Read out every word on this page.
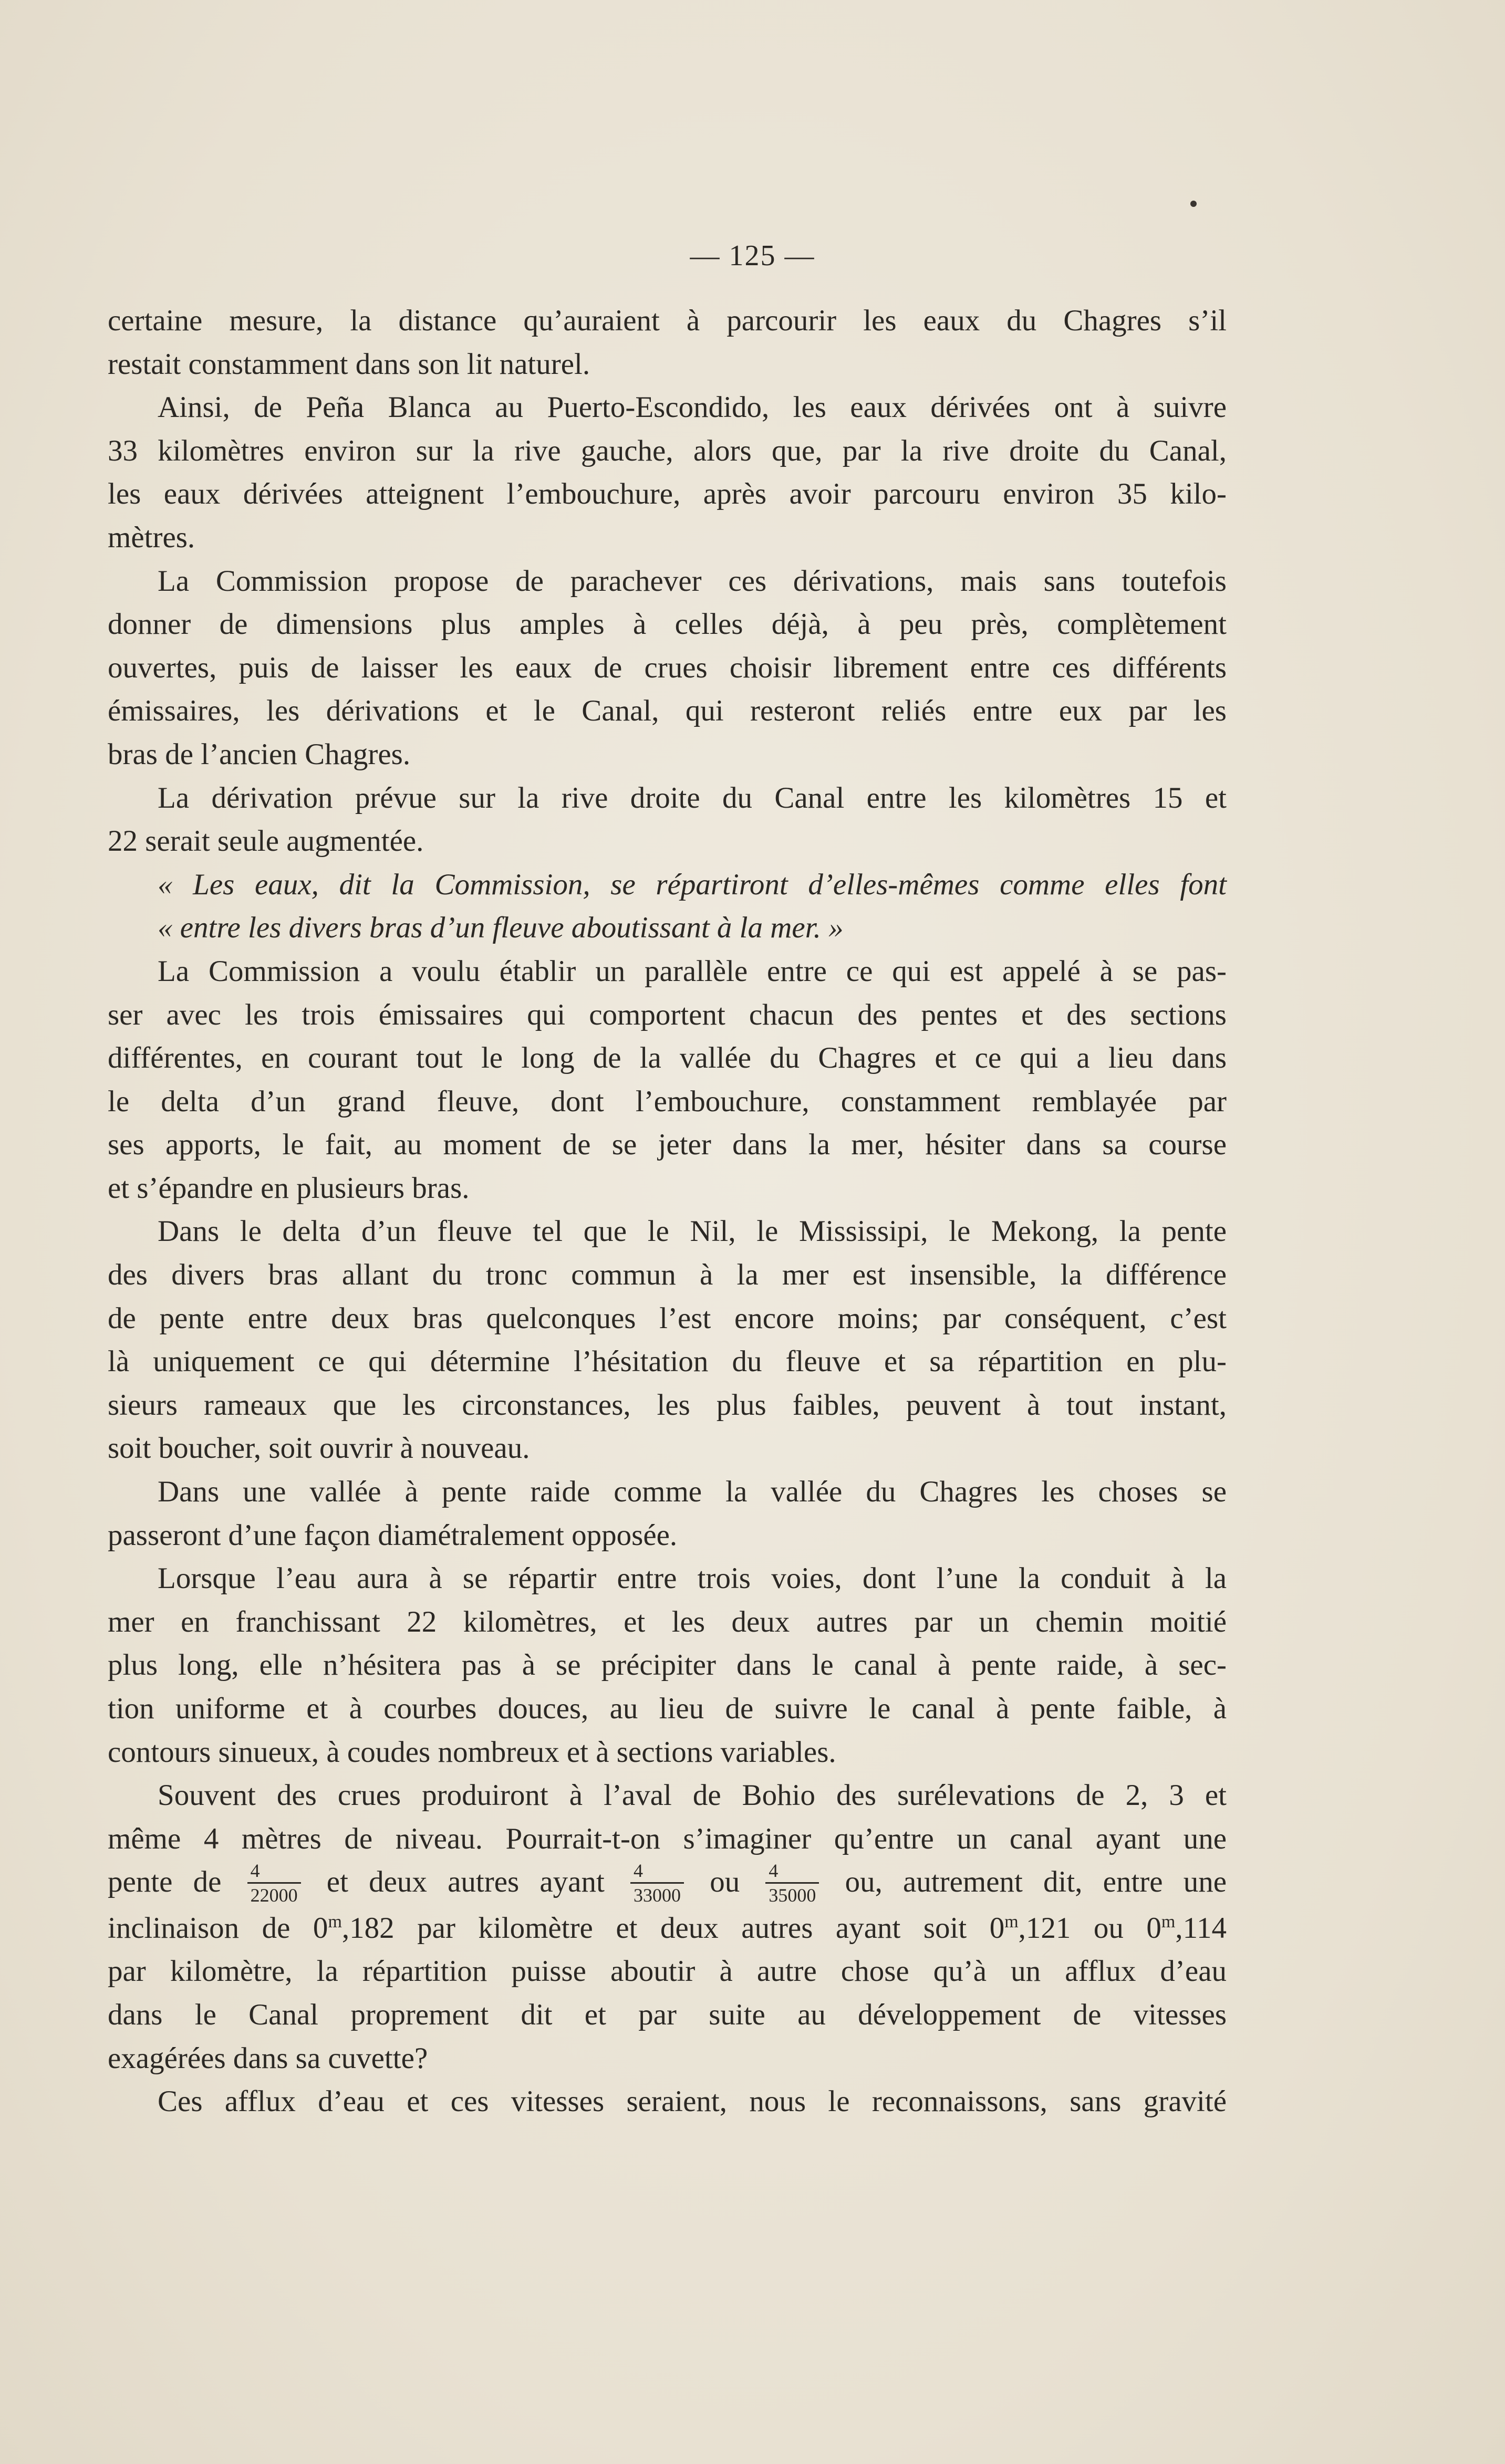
— 125 —

certaine mesure, la distance qu’auraient à parcourir les eaux du Chagres s’il

restait constamment dans son lit naturel.

Ainsi, de Peña Blanca au Puerto-Escondido, les eaux dérivées ont à suivre

33 kilomètres environ sur la rive gauche, alors que, par la rive droite du Canal,

les eaux dérivées atteignent l’embouchure, après avoir parcouru environ 35 kilo-

mètres.

La Commission propose de parachever ces dérivations, mais sans toutefois

donner de dimensions plus amples à celles déjà, à peu près, complètement

ouvertes, puis de laisser les eaux de crues choisir librement entre ces différents

émissaires, les dérivations et le Canal, qui resteront reliés entre eux par les

bras de l’ancien Chagres.

La dérivation prévue sur la rive droite du Canal entre les kilomètres 15 et

22 serait seule augmentée.

« Les eaux, dit la Commission, se répartiront d’elles-mêmes comme elles font

« entre les divers bras d’un fleuve aboutissant à la mer. »

La Commission a voulu établir un parallèle entre ce qui est appelé à se pas-

ser avec les trois émissaires qui comportent chacun des pentes et des sections

différentes, en courant tout le long de la vallée du Chagres et ce qui a lieu dans

le delta d’un grand fleuve, dont l’embouchure, constamment remblayée par

ses apports, le fait, au moment de se jeter dans la mer, hésiter dans sa course

et s’épandre en plusieurs bras.

Dans le delta d’un fleuve tel que le Nil, le Mississipi, le Mekong, la pente

des divers bras allant du tronc commun à la mer est insensible, la différence

de pente entre deux bras quelconques l’est encore moins; par conséquent, c’est

là uniquement ce qui détermine l’hésitation du fleuve et sa répartition en plu-

sieurs rameaux que les circonstances, les plus faibles, peuvent à tout instant,

soit boucher, soit ouvrir à nouveau.

Dans une vallée à pente raide comme la vallée du Chagres les choses se

passeront d’une façon diamétralement opposée.

Lorsque l’eau aura à se répartir entre trois voies, dont l’une la conduit à la

mer en franchissant 22 kilomètres, et les deux autres par un chemin moitié

plus long, elle n’hésitera pas à se précipiter dans le canal à pente raide, à sec-

tion uniforme et à courbes douces, au lieu de suivre le canal à pente faible, à

contours sinueux, à coudes nombreux et à sections variables.

Souvent des crues produiront à l’aval de Bohio des surélevations de 2, 3 et

même 4 mètres de niveau. Pourrait-t-on s’imaginer qu’entre un canal ayant une

pente de $\frac{4}{22000}$ et deux autres ayant $\frac{4}{33000}$ ou $\frac{4}{35000}$ ou, autrement dit, entre une

inclinaison de 0$^m$,182 par kilomètre et deux autres ayant soit 0$^m$,121 ou 0$^m$,114

par kilomètre, la répartition puisse aboutir à autre chose qu’à un afflux d’eau

dans le Canal proprement dit et par suite au développement de vitesses

exagérées dans sa cuvette?

Ces afflux d’eau et ces vitesses seraient, nous le reconnaissons, sans gravité
